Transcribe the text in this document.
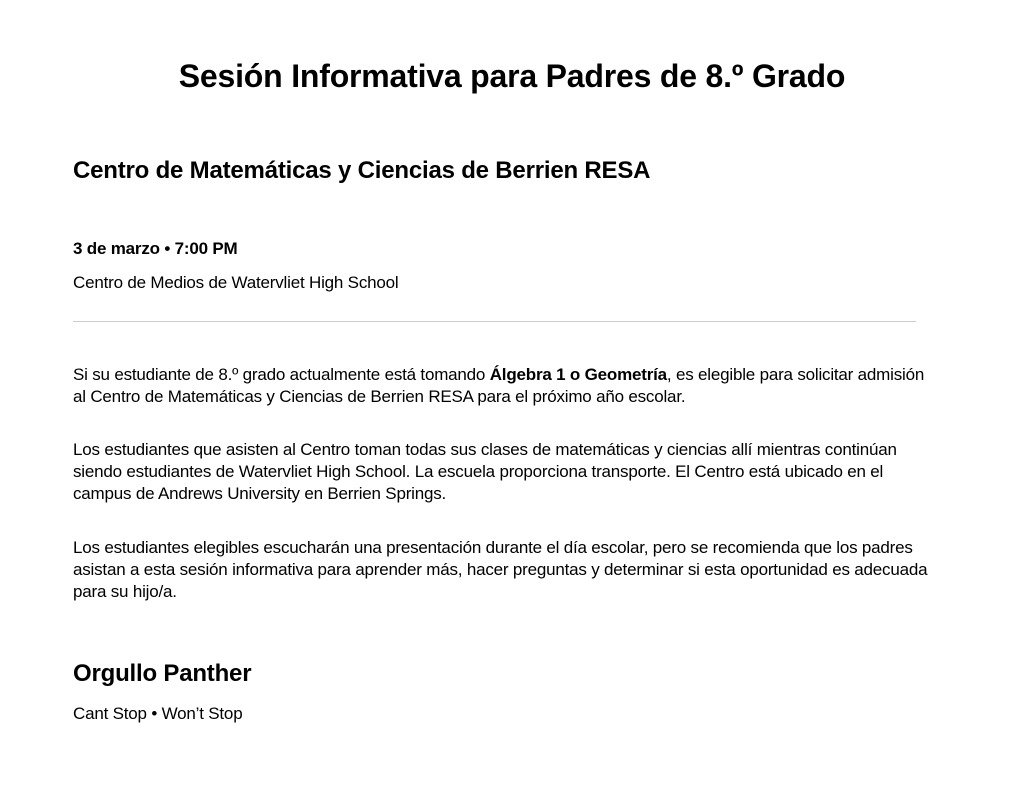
Sesión Informativa para Padres de 8.º Grado
Centro de Matemáticas y Ciencias de Berrien RESA

3 de marzo • 7:00 PM

Centro de Medios de Watervliet High School

Si su estudiante de 8.º grado actualmente está tomando Álgebra 1 o Geometría, es elegible para solicitar admisión al Centro de Matemáticas y Ciencias de Berrien RESA para el próximo año escolar.

Los estudiantes que asisten al Centro toman todas sus clases de matemáticas y ciencias allí mientras continúan siendo estudiantes de Watervliet High School. La escuela proporciona transporte. El Centro está ubicado en el campus de Andrews University en Berrien Springs.

Los estudiantes elegibles escucharán una presentación durante el día escolar, pero se recomienda que los padres asistan a esta sesión informativa para aprender más, hacer preguntas y determinar si esta oportunidad es adecuada para su hijo/a.

Orgullo Panther

Cant Stop • Won’t Stop
